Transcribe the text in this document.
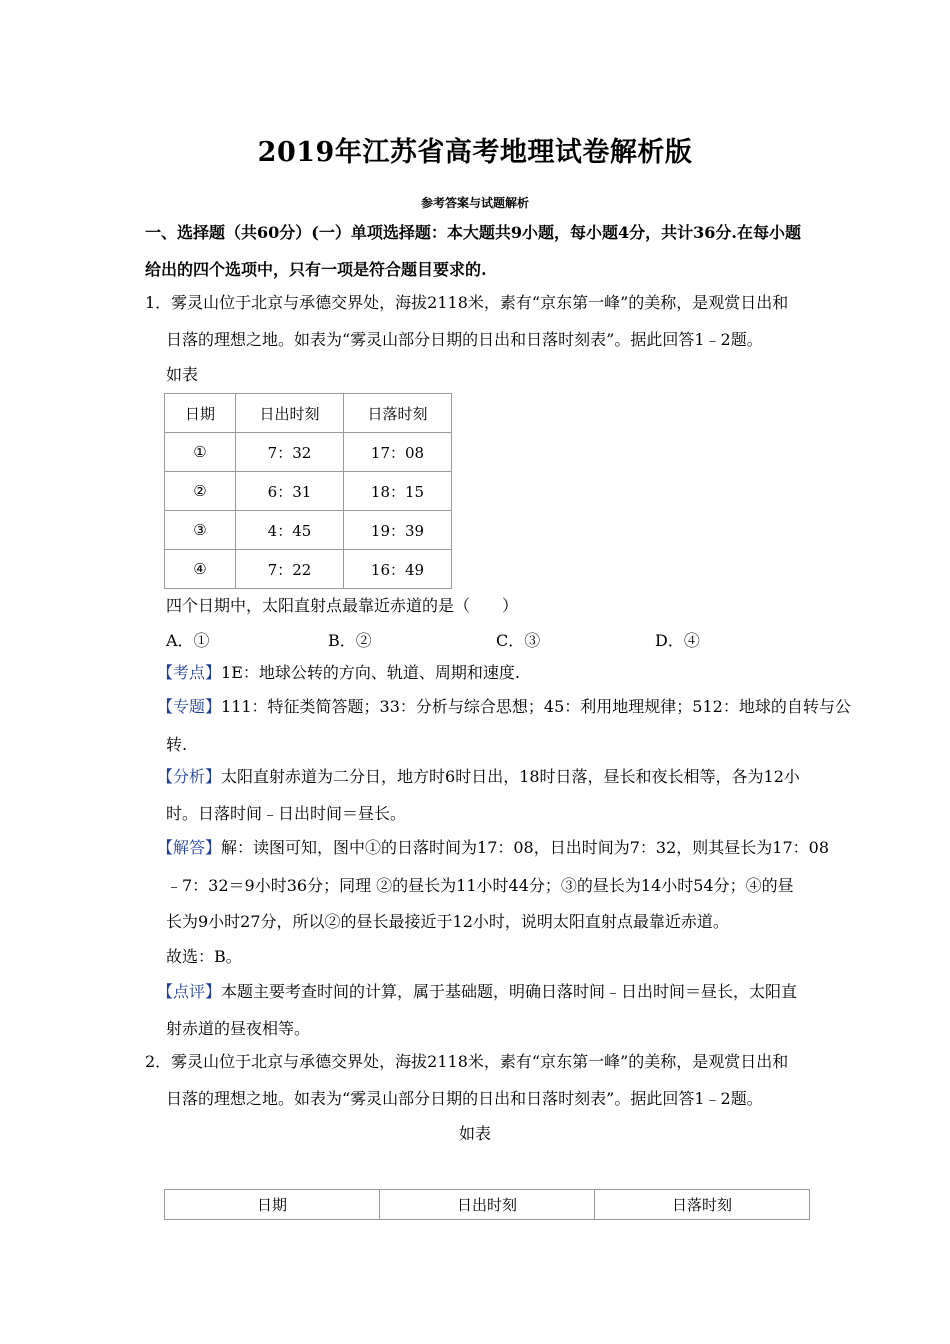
2019年江苏省高考地理试卷解析版
参考答案与试题解析
一、选择题（共60分）(一）单项选择题：本大题共9小题，每小题4分，共计36分.在每小题
给出的四个选项中，只有一项是符合题目要求的.
1．雾灵山位于北京与承德交界处，海拔2118米，素有“京东第一峰”的美称，是观赏日出和
日落的理想之地。如表为“雾灵山部分日期的日出和日落时刻表”。据此回答1﹣2题。
如表
日期	日出时刻	日落时刻
①	7：32	17：08
②	6：31	18：15
③	4：45	19：39
④	7：22	16：49
四个日期中，太阳直射点最靠近赤道的是（　　）
A．①	B．②	C．③	D．④
【考点】1E：地球公转的方向、轨道、周期和速度.
【专题】111：特征类简答题；33：分析与综合思想；45：利用地理规律；512：地球的自转与公
转.
【分析】太阳直射赤道为二分日，地方时6时日出，18时日落，昼长和夜长相等，各为12小
时。日落时间﹣日出时间＝昼长。
【解答】解：读图可知，图中①的日落时间为17：08，日出时间为7：32，则其昼长为17：08
﹣7：32＝9小时36分；同理 ②的昼长为11小时44分；③的昼长为14小时54分；④的昼
长为9小时27分，所以②的昼长最接近于12小时，说明太阳直射点最靠近赤道。
故选：B。
【点评】本题主要考查时间的计算，属于基础题，明确日落时间﹣日出时间＝昼长，太阳直
射赤道的昼夜相等。
2．雾灵山位于北京与承德交界处，海拔2118米，素有“京东第一峰”的美称，是观赏日出和
日落的理想之地。如表为“雾灵山部分日期的日出和日落时刻表”。据此回答1﹣2题。
如表
日期	日出时刻	日落时刻
